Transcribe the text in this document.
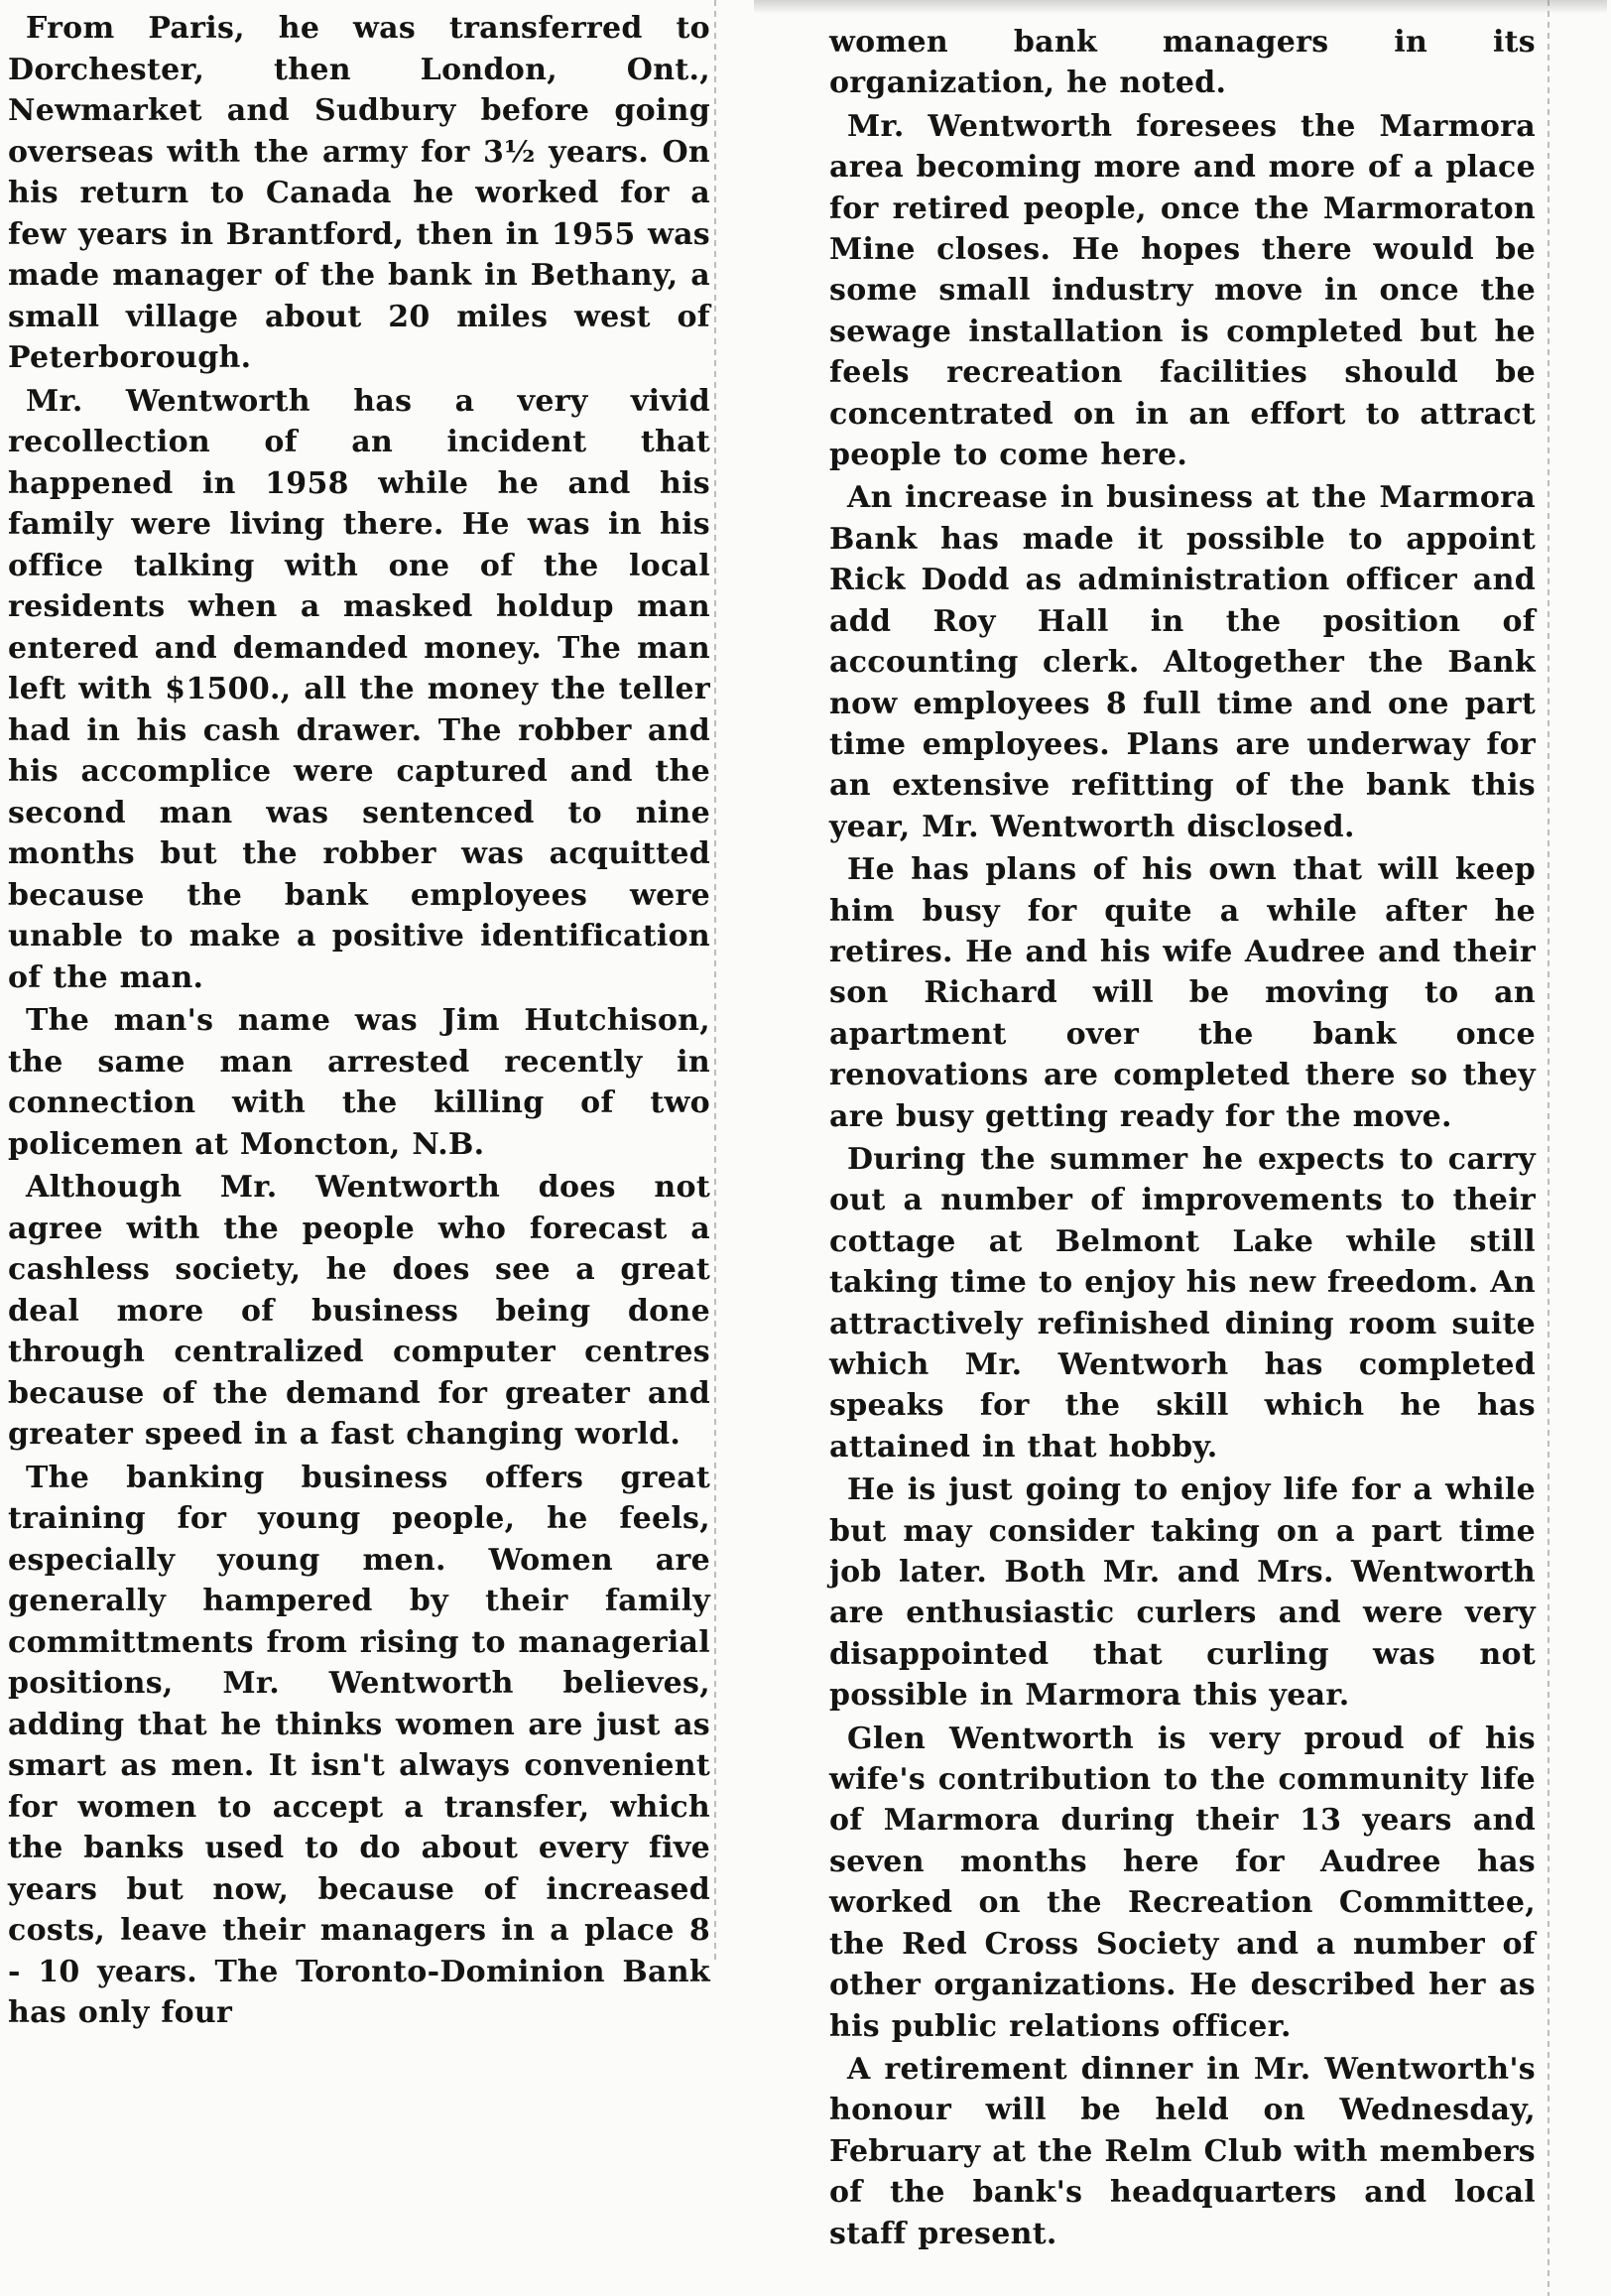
From Paris, he was transferred to Dorchester, then London, Ont., Newmarket and Sudbury before going overseas with the army for 3½ years. On his return to Canada he worked for a few years in Brantford, then in 1955 was made manager of the bank in Bethany, a small village about 20 miles west of Peterborough.

Mr. Wentworth has a very vivid recollection of an incident that happened in 1958 while he and his family were living there. He was in his office talking with one of the local residents when a masked holdup man entered and demanded money. The man left with $1500., all the money the teller had in his cash drawer. The robber and his accomplice were captured and the second man was sentenced to nine months but the robber was acquitted because the bank employees were unable to make a positive identification of the man.

The man's name was Jim Hutchison, the same man arrested recently in connection with the killing of two policemen at Moncton, N.B.

Although Mr. Wentworth does not agree with the people who forecast a cashless society, he does see a great deal more of business being done through centralized computer centres because of the demand for greater and greater speed in a fast changing world.

The banking business offers great training for young people, he feels, especially young men. Women are generally hampered by their family committments from rising to managerial positions, Mr. Wentworth believes, adding that he thinks women are just as smart as men. It isn't always convenient for women to accept a transfer, which the banks used to do about every five years but now, because of increased costs, leave their managers in a place 8 - 10 years. The Toronto-Dominion Bank has only four

women bank managers in its organization, he noted.

Mr. Wentworth foresees the Marmora area becoming more and more of a place for retired people, once the Marmoraton Mine closes. He hopes there would be some small industry move in once the sewage installation is completed but he feels recreation facilities should be concentrated on in an effort to attract people to come here.

An increase in business at the Marmora Bank has made it possible to appoint Rick Dodd as administration officer and add Roy Hall in the position of accounting clerk. Altogether the Bank now employees 8 full time and one part time employees. Plans are underway for an extensive refitting of the bank this year, Mr. Wentworth disclosed.

He has plans of his own that will keep him busy for quite a while after he retires. He and his wife Audree and their son Richard will be moving to an apartment over the bank once renovations are completed there so they are busy getting ready for the move.

During the summer he expects to carry out a number of improvements to their cottage at Belmont Lake while still taking time to enjoy his new freedom. An attractively refinished dining room suite which Mr. Wentworh has completed speaks for the skill which he has attained in that hobby.

He is just going to enjoy life for a while but may consider taking on a part time job later. Both Mr. and Mrs. Wentworth are enthusiastic curlers and were very disappointed that curling was not possible in Marmora this year.

Glen Wentworth is very proud of his wife's contribution to the community life of Marmora during their 13 years and seven months here for Audree has worked on the Recreation Committee, the Red Cross Society and a number of other organizations. He described her as his public relations officer.

A retirement dinner in Mr. Wentworth's honour will be held on Wednesday, February at the Relm Club with members of the bank's headquarters and local staff present.
